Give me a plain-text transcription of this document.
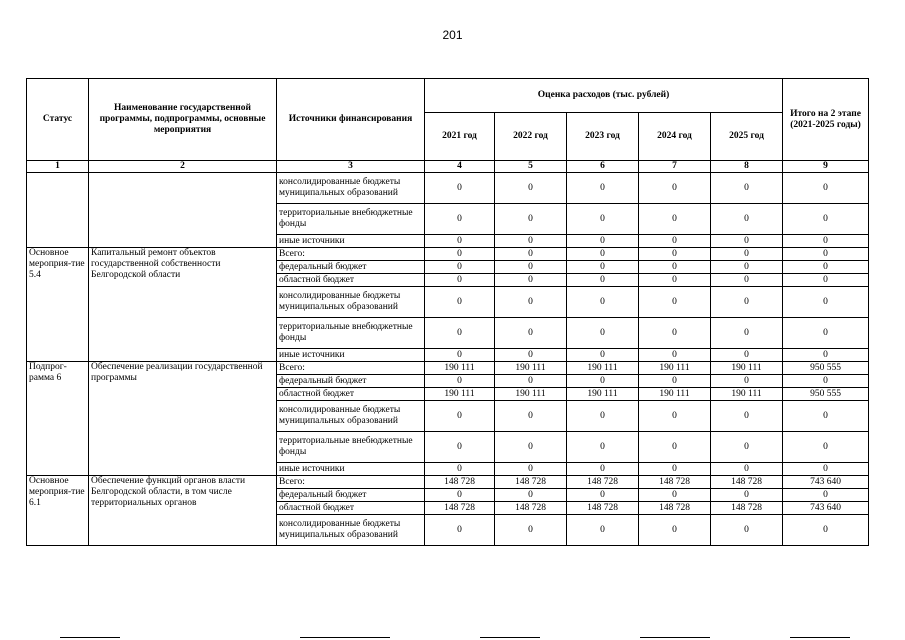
201
Статус	Наименование государственной программы, подпрограммы, основные мероприятия	Источники финансирования	Оценка расходов (тыс. рублей)					Итого на 2 этапе (2021-2025 годы)
			2021 год	2022 год	2023 год	2024 год	2025 год	
1	2	3	4	5	6	7	8	9
		консолидированные бюджеты муниципальных образований	0	0	0	0	0	0
		территориальные внебюджетные фонды	0	0	0	0	0	0
		иные источники	0	0	0	0	0	0
Основное мероприя-тие 5.4	Капитальный ремонт объектов государственной собственности Белгородской области	Всего:	0	0	0	0	0	0
		федеральный бюджет	0	0	0	0	0	0
		областной бюджет	0	0	0	0	0	0
		консолидированные бюджеты муниципальных образований	0	0	0	0	0	0
		территориальные внебюджетные фонды	0	0	0	0	0	0
		иные источники	0	0	0	0	0	0
Подпрог-рамма 6	Обеспечение реализации государственной программы	Всего:	190 111	190 111	190 111	190 111	190 111	950 555
		федеральный бюджет	0	0	0	0	0	0
		областной бюджет	190 111	190 111	190 111	190 111	190 111	950 555
		консолидированные бюджеты муниципальных образований	0	0	0	0	0	0
		территориальные внебюджетные фонды	0	0	0	0	0	0
		иные источники	0	0	0	0	0	0
Основное мероприя-тие 6.1	Обеспечение функций органов власти Белгородской области, в том числе территориальных органов	Всего:	148 728	148 728	148 728	148 728	148 728	743 640
		федеральный бюджет	0	0	0	0	0	0
		областной бюджет	148 728	148 728	148 728	148 728	148 728	743 640
		консолидированные бюджеты муниципальных образований	0	0	0	0	0	0
